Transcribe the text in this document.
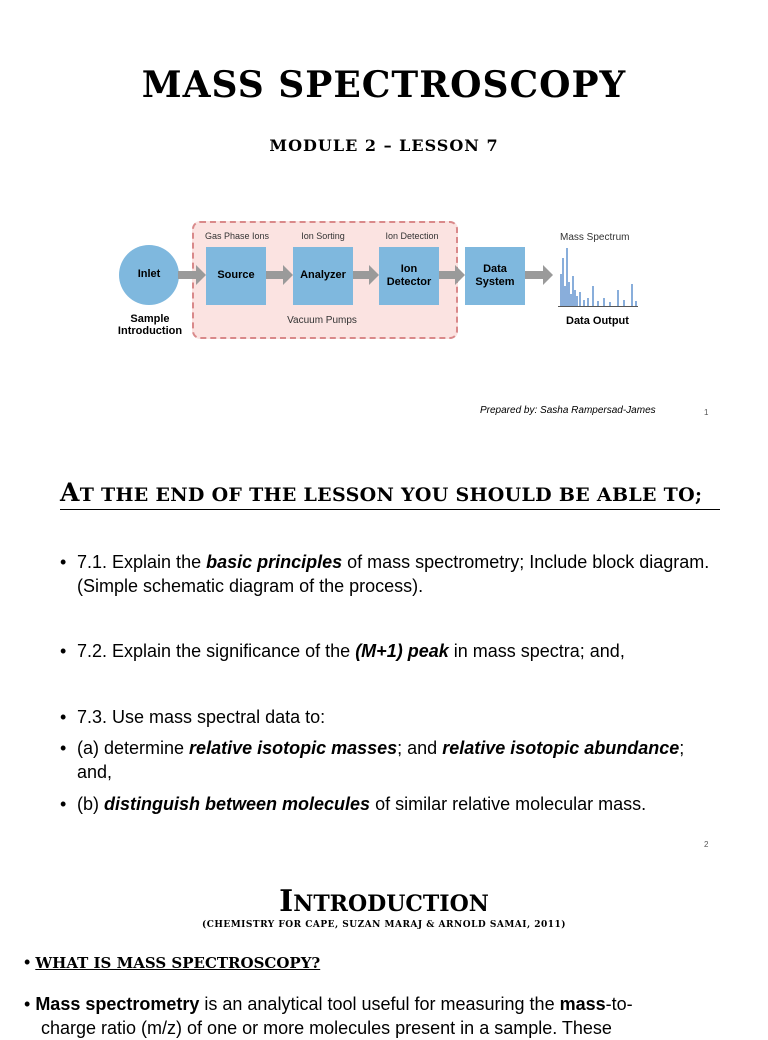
MASS SPECTROSCOPY
MODULE 2 – LESSON 7
Gas Phase Ions	Ion Sorting	Ion Detection
Inlet
Sample Introduction
Source	Analyzer
Ion Detector
Data System
Vacuum Pumps
Mass Spectrum
Data Output
Prepared by: Sasha Rampersad-James	1
AT THE END OF THE LESSON YOU SHOULD BE ABLE TO;
• 7.1. Explain the basic principles of mass spectrometry; Include block diagram. (Simple schematic diagram of the process).
• 7.2. Explain the significance of the (M+1) peak in mass spectra; and,
• 7.3. Use mass spectral data to:
• (a) determine relative isotopic masses; and relative isotopic abundance; and,
• (b) distinguish between molecules of similar relative molecular mass.
2
INTRODUCTION
(CHEMISTRY FOR CAPE, SUZAN MARAJ & ARNOLD SAMAI, 2011)
• WHAT IS MASS SPECTROSCOPY?
• Mass spectrometry is an analytical tool useful for measuring the mass-to-
charge ratio (m/z) of one or more molecules present in a sample. These
